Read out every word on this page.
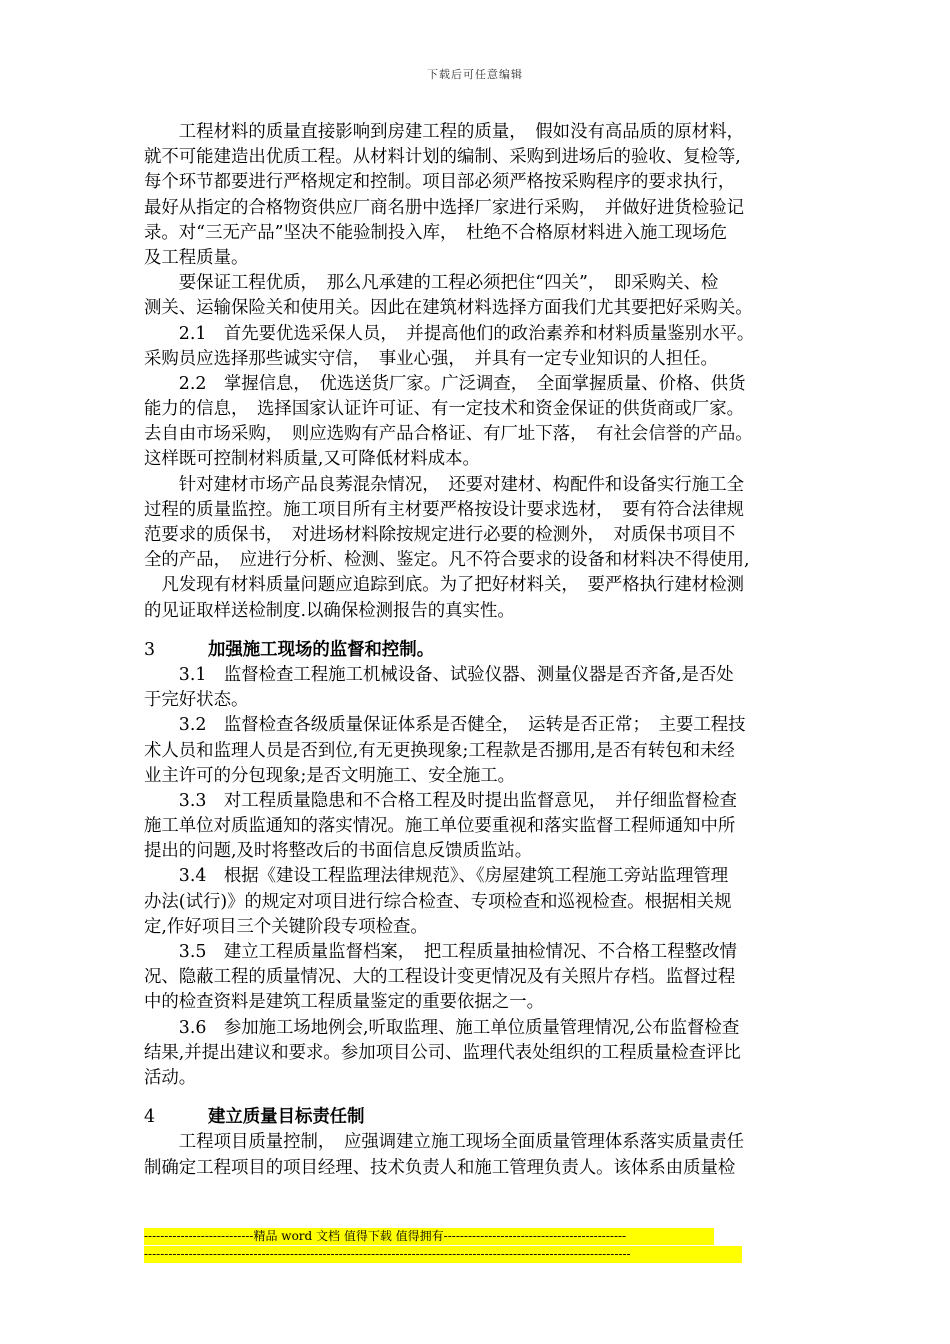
下载后可任意编辑
　　工程材料的质量直接影响到房建工程的质量，　假如没有高品质的原材料，
就不可能建造出优质工程。从材料计划的编制、采购到进场后的验收、复检等,
每个环节都要进行严格规定和控制。项目部必须严格按采购程序的要求执行，
最好从指定的合格物资供应厂商名册中选择厂家进行采购，　并做好进货检验记
录。对“三无产品”坚决不能验制投入库，　杜绝不合格原材料进入施工现场危
及工程质量。
　　要保证工程优质，　那么凡承建的工程必须把住“四关”，　即采购关、检
测关、运输保险关和使用关。因此在建筑材料选择方面我们尤其要把好采购关。
　　2.1　首先要优选采保人员，　并提高他们的政治素养和材料质量鉴别水平。
采购员应选择那些诚实守信，　事业心强，　并具有一定专业知识的人担任。
　　2.2　掌握信息，　优选送货厂家。广泛调查，　全面掌握质量、价格、供货
能力的信息，　选择国家认证许可证、有一定技术和资金保证的供货商或厂家。
去自由市场采购，　则应选购有产品合格证、有厂址下落，　有社会信誉的产品。
这样既可控制材料质量,又可降低材料成本。
　　针对建材市场产品良莠混杂情况，　还要对建材、构配件和设备实行施工全
过程的质量监控。施工项目所有主材要严格按设计要求选材，　要有符合法律规
范要求的质保书，　对进场材料除按规定进行必要的检测外，　对质保书项目不
全的产品，　应进行分析、检测、鉴定。凡不符合要求的设备和材料决不得使用,
　凡发现有材料质量问题应追踪到底。为了把好材料关，　要严格执行建材检测
的见证取样送检制度.以确保检测报告的真实性。
3	加强施工现场的监督和控制。
　　3.1　监督检查工程施工机械设备、试验仪器、测量仪器是否齐备,是否处
于完好状态。
　　3.2　监督检查各级质量保证体系是否健全，　运转是否正常；　主要工程技
术人员和监理人员是否到位,有无更换现象;工程款是否挪用,是否有转包和未经
业主许可的分包现象;是否文明施工、安全施工。
　　3.3　对工程质量隐患和不合格工程及时提出监督意见，　并仔细监督检查
施工单位对质监通知的落实情况。施工单位要重视和落实监督工程师通知中所
提出的问题,及时将整改后的书面信息反馈质监站。
　　3.4　根据《建设工程监理法律规范》、《房屋建筑工程施工旁站监理管理
办法(试行)》的规定对项目进行综合检查、专项检查和巡视检查。根据相关规
定,作好项目三个关键阶段专项检查。
　　3.5　建立工程质量监督档案，　把工程质量抽检情况、不合格工程整改情
况、隐蔽工程的质量情况、大的工程设计变更情况及有关照片存档。监督过程
中的检查资料是建筑工程质量鉴定的重要依据之一。
　　3.6　参加施工场地例会,听取监理、施工单位质量管理情况,公布监督检查
结果,并提出建议和要求。参加项目公司、监理代表处组织的工程质量检查评比
活动。
4	建立质量目标责任制
　　工程项目质量控制，　应强调建立施工现场全面质量管理体系落实质量责任
制确定工程项目的项目经理、技术负责人和施工管理负责人。该体系由质量检
---------------------------精品 word 文档 值得下载 值得拥有---------------------------------------------
------------------------------------------------------------------------------------------------------------------------
